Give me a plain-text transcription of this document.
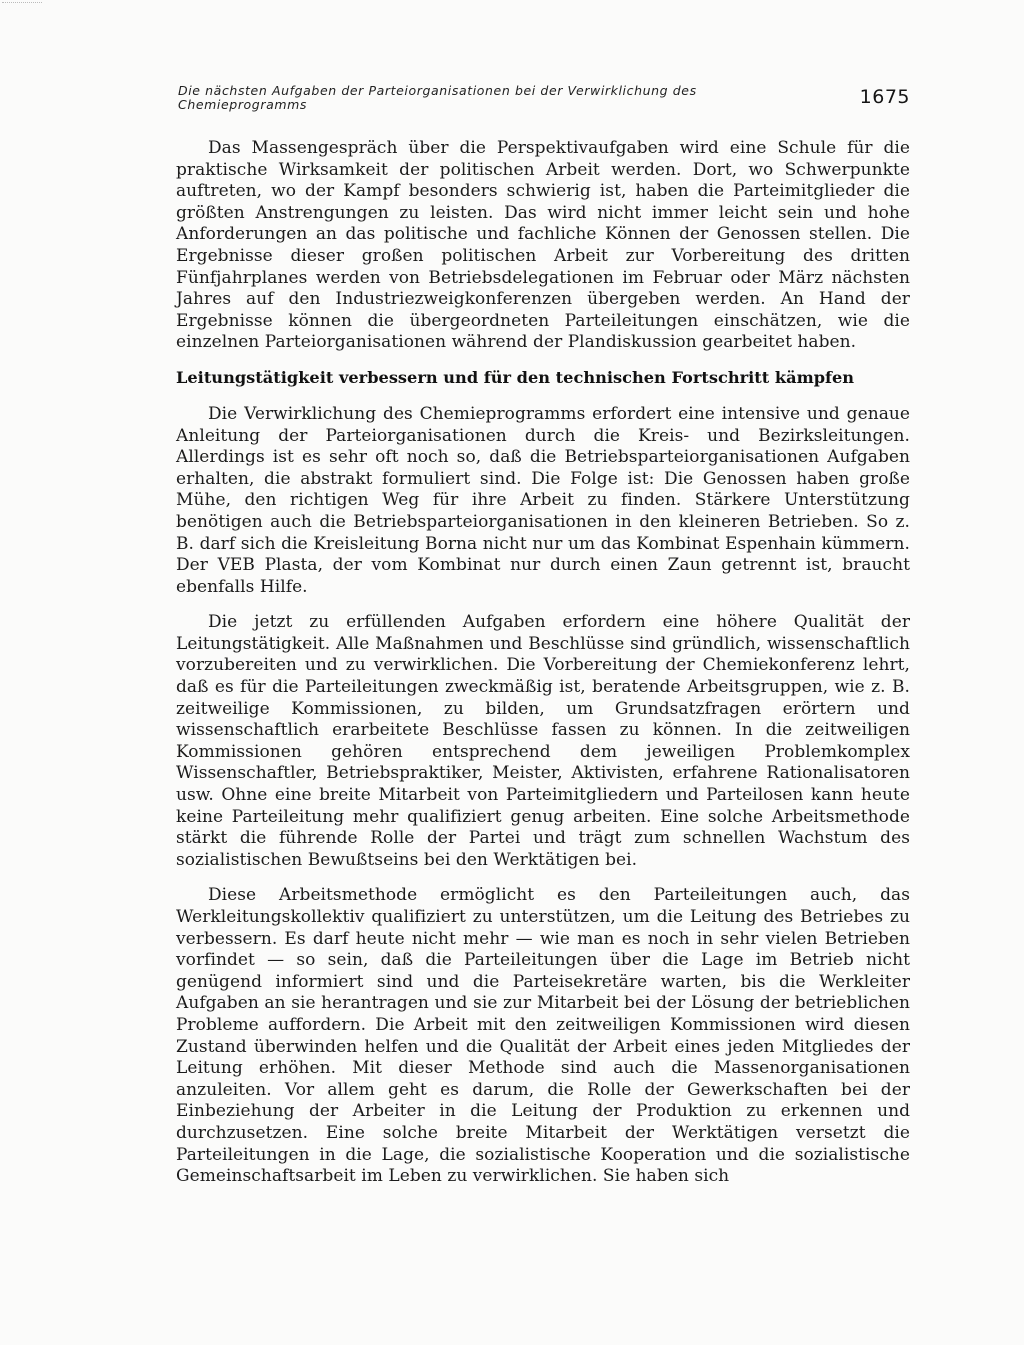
Die nächsten Aufgaben der Parteiorganisationen bei der Verwirklichung des Chemieprogramms	1675

Das Massengespräch über die Perspektivaufgaben wird eine Schule für die praktische Wirksamkeit der politischen Arbeit werden. Dort, wo Schwerpunkte auftreten, wo der Kampf besonders schwierig ist, haben die Parteimitglieder die größten Anstrengungen zu leisten. Das wird nicht immer leicht sein und hohe Anforderungen an das politische und fachliche Können der Genossen stellen. Die Ergebnisse dieser großen politischen Arbeit zur Vorbereitung des dritten Fünfjahrplanes werden von Betriebsdelegationen im Februar oder März nächsten Jahres auf den Industriezweigkonferenzen übergeben werden. An Hand der Ergebnisse können die übergeordneten Parteileitungen einschätzen, wie die einzelnen Parteiorganisationen während der Plandiskussion gearbeitet haben.

Leitungstätigkeit verbessern und für den technischen Fortschritt kämpfen

Die Verwirklichung des Chemieprogramms erfordert eine intensive und genaue Anleitung der Parteiorganisationen durch die Kreis- und Bezirksleitungen. Allerdings ist es sehr oft noch so, daß die Betriebsparteiorganisationen Aufgaben erhalten, die abstrakt formuliert sind. Die Folge ist: Die Genossen haben große Mühe, den richtigen Weg für ihre Arbeit zu finden. Stärkere Unterstützung benötigen auch die Betriebsparteiorganisationen in den kleineren Betrieben. So z. B. darf sich die Kreisleitung Borna nicht nur um das Kombinat Espenhain kümmern. Der VEB Plasta, der vom Kombinat nur durch einen Zaun getrennt ist, braucht ebenfalls Hilfe.

Die jetzt zu erfüllenden Aufgaben erfordern eine höhere Qualität der Leitungstätigkeit. Alle Maßnahmen und Beschlüsse sind gründlich, wissenschaftlich vorzubereiten und zu verwirklichen. Die Vorbereitung der Chemiekonferenz lehrt, daß es für die Parteileitungen zweckmäßig ist, beratende Arbeitsgruppen, wie z. B. zeitweilige Kommissionen, zu bilden, um Grundsatzfragen erörtern und wissenschaftlich erarbeitete Beschlüsse fassen zu können. In die zeitweiligen Kommissionen gehören entsprechend dem jeweiligen Problemkomplex Wissenschaftler, Betriebspraktiker, Meister, Aktivisten, erfahrene Rationalisatoren usw. Ohne eine breite Mitarbeit von Parteimitgliedern und Parteilosen kann heute keine Parteileitung mehr qualifiziert genug arbeiten. Eine solche Arbeitsmethode stärkt die führende Rolle der Partei und trägt zum schnellen Wachstum des sozialistischen Bewußtseins bei den Werktätigen bei.

Diese Arbeitsmethode ermöglicht es den Parteileitungen auch, das Werkleitungskollektiv qualifiziert zu unterstützen, um die Leitung des Betriebes zu verbessern. Es darf heute nicht mehr — wie man es noch in sehr vielen Betrieben vorfindet — so sein, daß die Parteileitungen über die Lage im Betrieb nicht genügend informiert sind und die Parteisekretäre warten, bis die Werkleiter Aufgaben an sie herantragen und sie zur Mitarbeit bei der Lösung der betrieblichen Probleme auffordern. Die Arbeit mit den zeitweiligen Kommissionen wird diesen Zustand überwinden helfen und die Qualität der Arbeit eines jeden Mitgliedes der Leitung erhöhen. Mit dieser Methode sind auch die Massenorganisationen anzuleiten. Vor allem geht es darum, die Rolle der Gewerkschaften bei der Einbeziehung der Arbeiter in die Leitung der Produktion zu erkennen und durchzusetzen. Eine solche breite Mitarbeit der Werktätigen versetzt die Parteileitungen in die Lage, die sozialistische Kooperation und die sozialistische Gemeinschaftsarbeit im Leben zu verwirklichen. Sie haben sich
